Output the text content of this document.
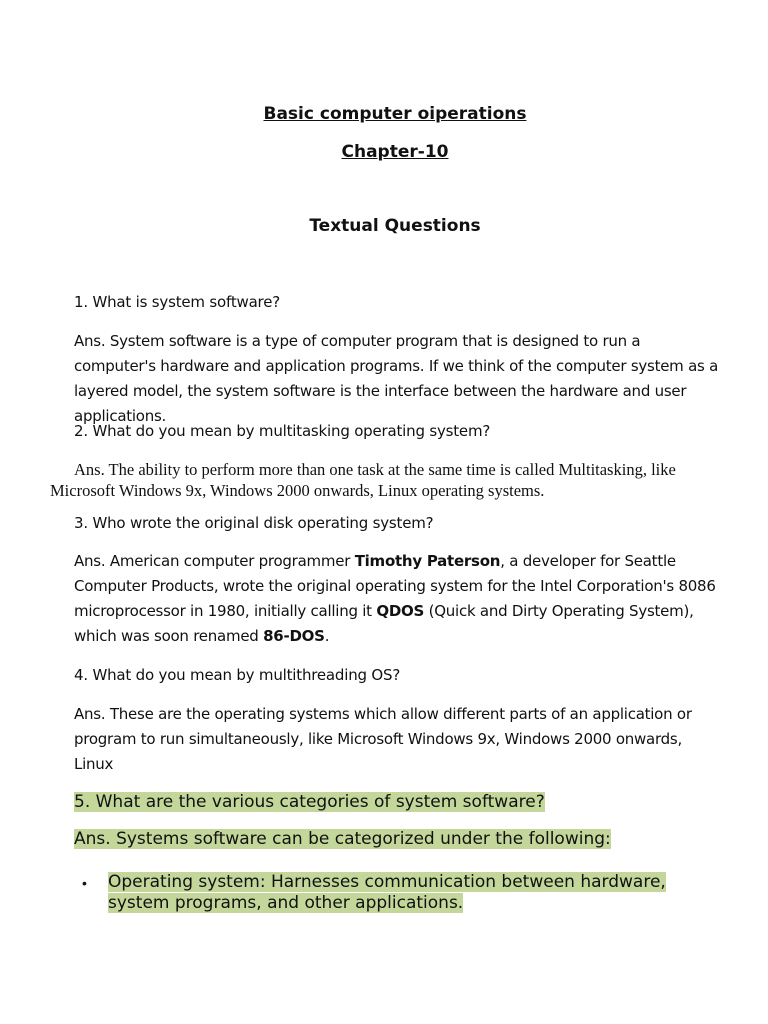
Basic computer oiperations
Chapter-10
Textual Questions
1. What is system software?
Ans. System software is a type of computer program that is designed to run a computer's hardware and application programs. If we think of the computer system as a layered model, the system software is the interface between the hardware and user applications.
2. What do you mean by multitasking operating system?
Ans. The ability to perform more than one task at the same time is called Multitasking, like
Microsoft Windows 9x, Windows 2000 onwards, Linux operating systems.
3. Who wrote the original disk operating system?
Ans. American computer programmer Timothy Paterson, a developer for Seattle Computer Products, wrote the original operating system for the Intel Corporation's 8086 microprocessor in 1980, initially calling it QDOS (Quick and Dirty Operating System), which was soon renamed 86-DOS.
4. What do you mean by multithreading OS?
Ans. These are the operating systems which allow different parts of an application or program to run simultaneously, like Microsoft Windows 9x, Windows 2000 onwards, Linux
5. What are the various categories of system software?
Ans. Systems software can be categorized under the following:
• Operating system: Harnesses communication between hardware,
system programs, and other applications.
